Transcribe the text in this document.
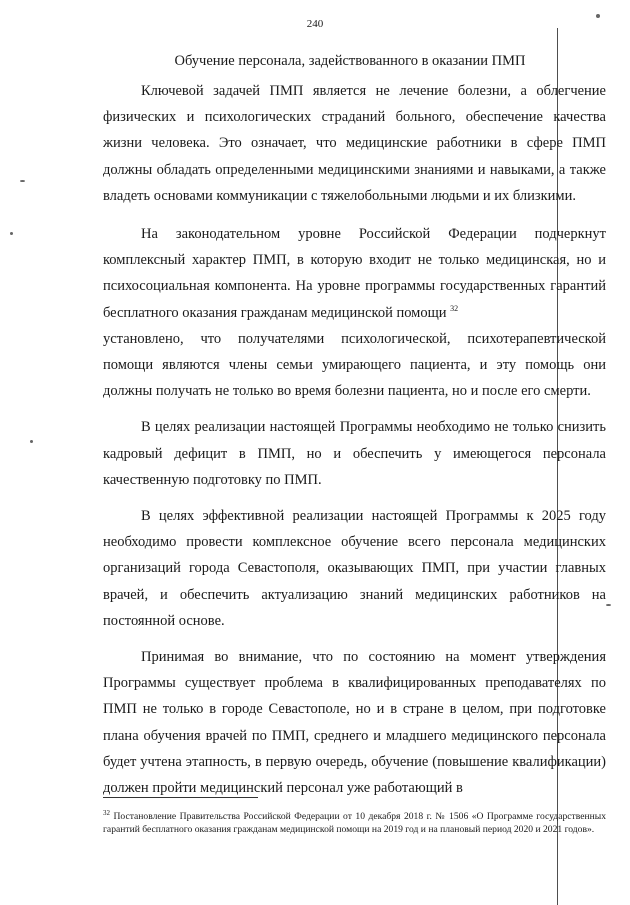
240
Обучение персонала, задействованного в оказании ПМП

Ключевой задачей ПМП является не лечение болезни, а облегчение физических и психологических страданий больного, обеспечение качества жизни человека. Это означает, что медицинские работники в сфере ПМП должны обладать определенными медицинскими знаниями и навыками, а также владеть основами коммуникации с тяжелобольными людьми и их близкими.

На законодательном уровне Российской Федерации подчеркнут комплексный характер ПМП, в которую входит не только медицинская, но и психосоциальная компонента. На уровне программы государственных гарантий бесплатного оказания гражданам медицинской помощи $^{32}$

установлено, что получателями психологической, психотерапевтической помощи являются члены семьи умирающего пациента, и эту помощь они должны получать не только во время болезни пациента, но и после его смерти.

В целях реализации настоящей Программы необходимо не только снизить кадровый дефицит в ПМП, но и обеспечить у имеющегося персонала качественную подготовку по ПМП.

В целях эффективной реализации настоящей Программы к 2025 году необходимо провести комплексное обучение всего персонала медицинских организаций города Севастополя, оказывающих ПМП, при участии главных врачей, и обеспечить актуализацию знаний медицинских работников на постоянной основе.

Принимая во внимание, что по состоянию на момент утверждения Программы существует проблема в квалифицированных преподавателях по ПМП не только в городе Севастополе, но и в стране в целом, при подготовке плана обучения врачей по ПМП, среднего и младшего медицинского персонала будет учтена этапность, в первую очередь, обучение (повышение квалификации) должен пройти медицинский персонал уже работающий в

$^{32}$ Постановление Правительства Российской Федерации от 10 декабря 2018 г. № 1506 «О Программе государственных гарантий бесплатного оказания гражданам медицинской помощи на 2019 год и на плановый период 2020 и 2021 годов».
